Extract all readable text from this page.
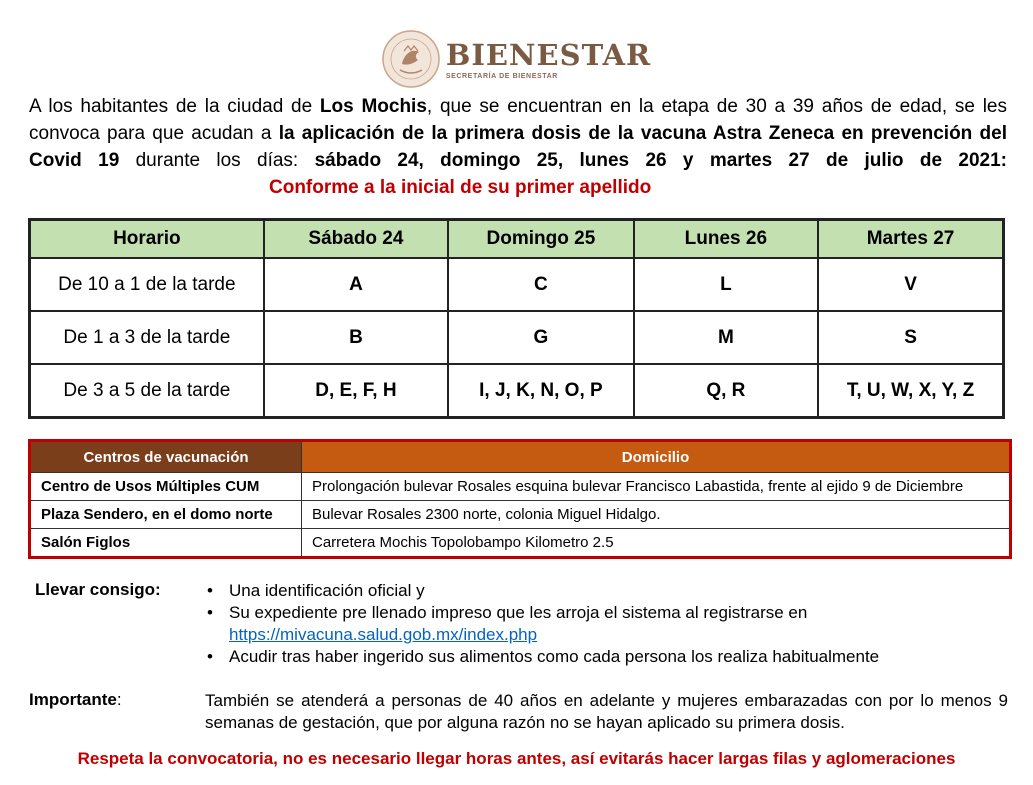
BIENESTAR
SECRETARÍA DE BIENESTAR
A los habitantes de la ciudad de Los Mochis, que se encuentran en la etapa de 30 a 39 años de edad, se les convoca para que acudan a la aplicación de la primera dosis de la vacuna Astra Zeneca en prevención del Covid 19 durante los días: sábado 24, domingo 25, lunes 26 y martes 27 de julio de 2021: Conforme a la inicial de su primer apellido
Horario	Sábado 24	Domingo 25	Lunes 26	Martes 27
De 10 a 1 de la tarde	A	C	L	V
De 1 a 3 de la tarde	B	G	M	S
De 3 a 5 de la tarde	D, E, F, H	I, J, K, N, O, P	Q, R	T, U, W, X, Y, Z
Centros de vacunación	Domicilio
Centro de Usos Múltiples CUM	Prolongación bulevar Rosales esquina bulevar Francisco Labastida, frente al ejido 9 de Diciembre
Plaza Sendero, en el domo norte	Bulevar Rosales 2300 norte, colonia Miguel Hidalgo.
Salón Figlos	Carretera Mochis Topolobampo Kilometro 2.5
Llevar consigo:	• Una identificación oficial y
• Su expediente pre llenado impreso que les arroja el sistema al registrarse en
https://mivacuna.salud.gob.mx/index.php
• Acudir tras haber ingerido sus alimentos como cada persona los realiza habitualmente
Importante:	También se atenderá a personas de 40 años en adelante y mujeres embarazadas con por lo menos 9 semanas de gestación, que por alguna razón no se hayan aplicado su primera dosis.
Respeta la convocatoria, no es necesario llegar horas antes, así evitarás hacer largas filas y aglomeraciones
